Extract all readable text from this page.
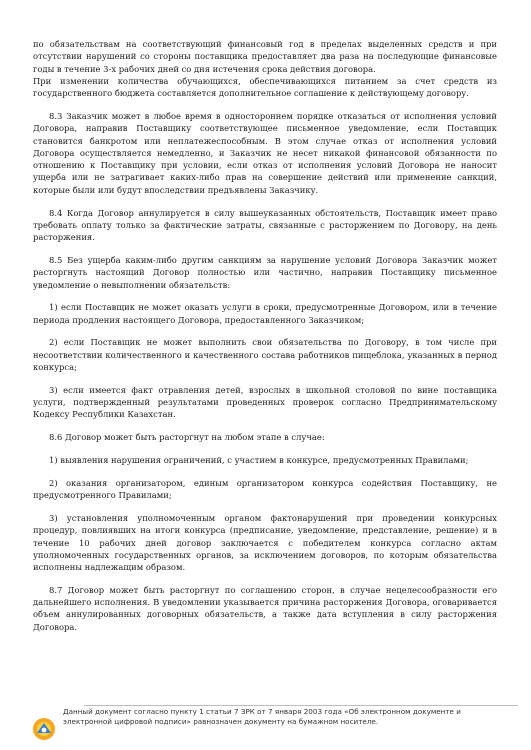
по обязательствам на соответствующий финансовый год в пределах выделенных средств и при отсутствии нарушений со стороны поставщика предоставляет два раза на последующие финансовые годы в течение 3-х рабочих дней со дня истечения срока действия договора.

При изменении количества обучающихся, обеспечивающихся питанием за счет средств из государственного бюджета составляется дополнительное соглашение к действующему договору.

8.3 Заказчик может в любое время в одностороннем порядке отказаться от исполнения условий Договора, направив Поставщику соответствующее письменное уведомление, если Поставщик становится банкротом или неплатежеспособным. В этом случае отказ от исполнения условий Договора осуществляется немедленно, и Заказчик не несет никакой финансовой обязанности по отношению к Поставщику при условии, если отказ от исполнения условий Договора не наносит ущерба или не затрагивает каких-либо прав на совершение действий или применение санкций, которые были или будут впоследствии предъявлены Заказчику.

8.4 Когда Договор аннулируется в силу вышеуказанных обстоятельств, Поставщик имеет право требовать оплату только за фактические затраты, связанные с расторжением по Договору, на день расторжения.

8.5 Без ущерба каким-либо другим санкциям за нарушение условий Договора Заказчик может расторгнуть настоящий Договор полностью или частично, направив Поставщику письменное уведомление о невыполнении обязательств:

1) если Поставщик не может оказать услуги в сроки, предусмотренные Договором, или в течение периода продления настоящего Договора, предоставленного Заказчиком;

2) если Поставщик не может выполнить свои обязательства по Договору, в том числе при несоответствии количественного и качественного состава работников пищеблока, указанных в период конкурса;

3) если имеется факт отравления детей, взрослых в школьной столовой по вине поставщика услуги, подтвержденный результатами проведенных проверок согласно Предпринимательскому Кодексу Республики Казахстан.

8.6 Договор может быть расторгнут на любом этапе в случае:

1) выявления нарушения ограничений, с участием в конкурсе, предусмотренных Правилами;

2) оказания организатором, единым организатором конкурса содействия Поставщику, не предусмотренного Правилами;

3) установления уполномоченным органом фактонарушений при проведении конкурсных процедур, повлиявших на итоги конкурса (предписание, уведомление, представление, решение) и в течение 10 рабочих дней договор заключается с победителем конкурса согласно актам уполномоченных государственных органов, за исключением договоров, по которым обязательства исполнены надлежащим образом.

8.7 Договор может быть расторгнут по соглашению сторон, в случае нецелесообразности его дальнейшего исполнения. В уведомлении указывается причина расторжения Договора, оговаривается объем аннулированных договорных обязательств, а также дата вступления в силу расторжения Договора.

Данный документ согласно пункту 1 статьи 7 ЗРК от 7 января 2003 года «Об электронном документе и электронной цифровой подписи» равнозначен документу на бумажном носителе.
